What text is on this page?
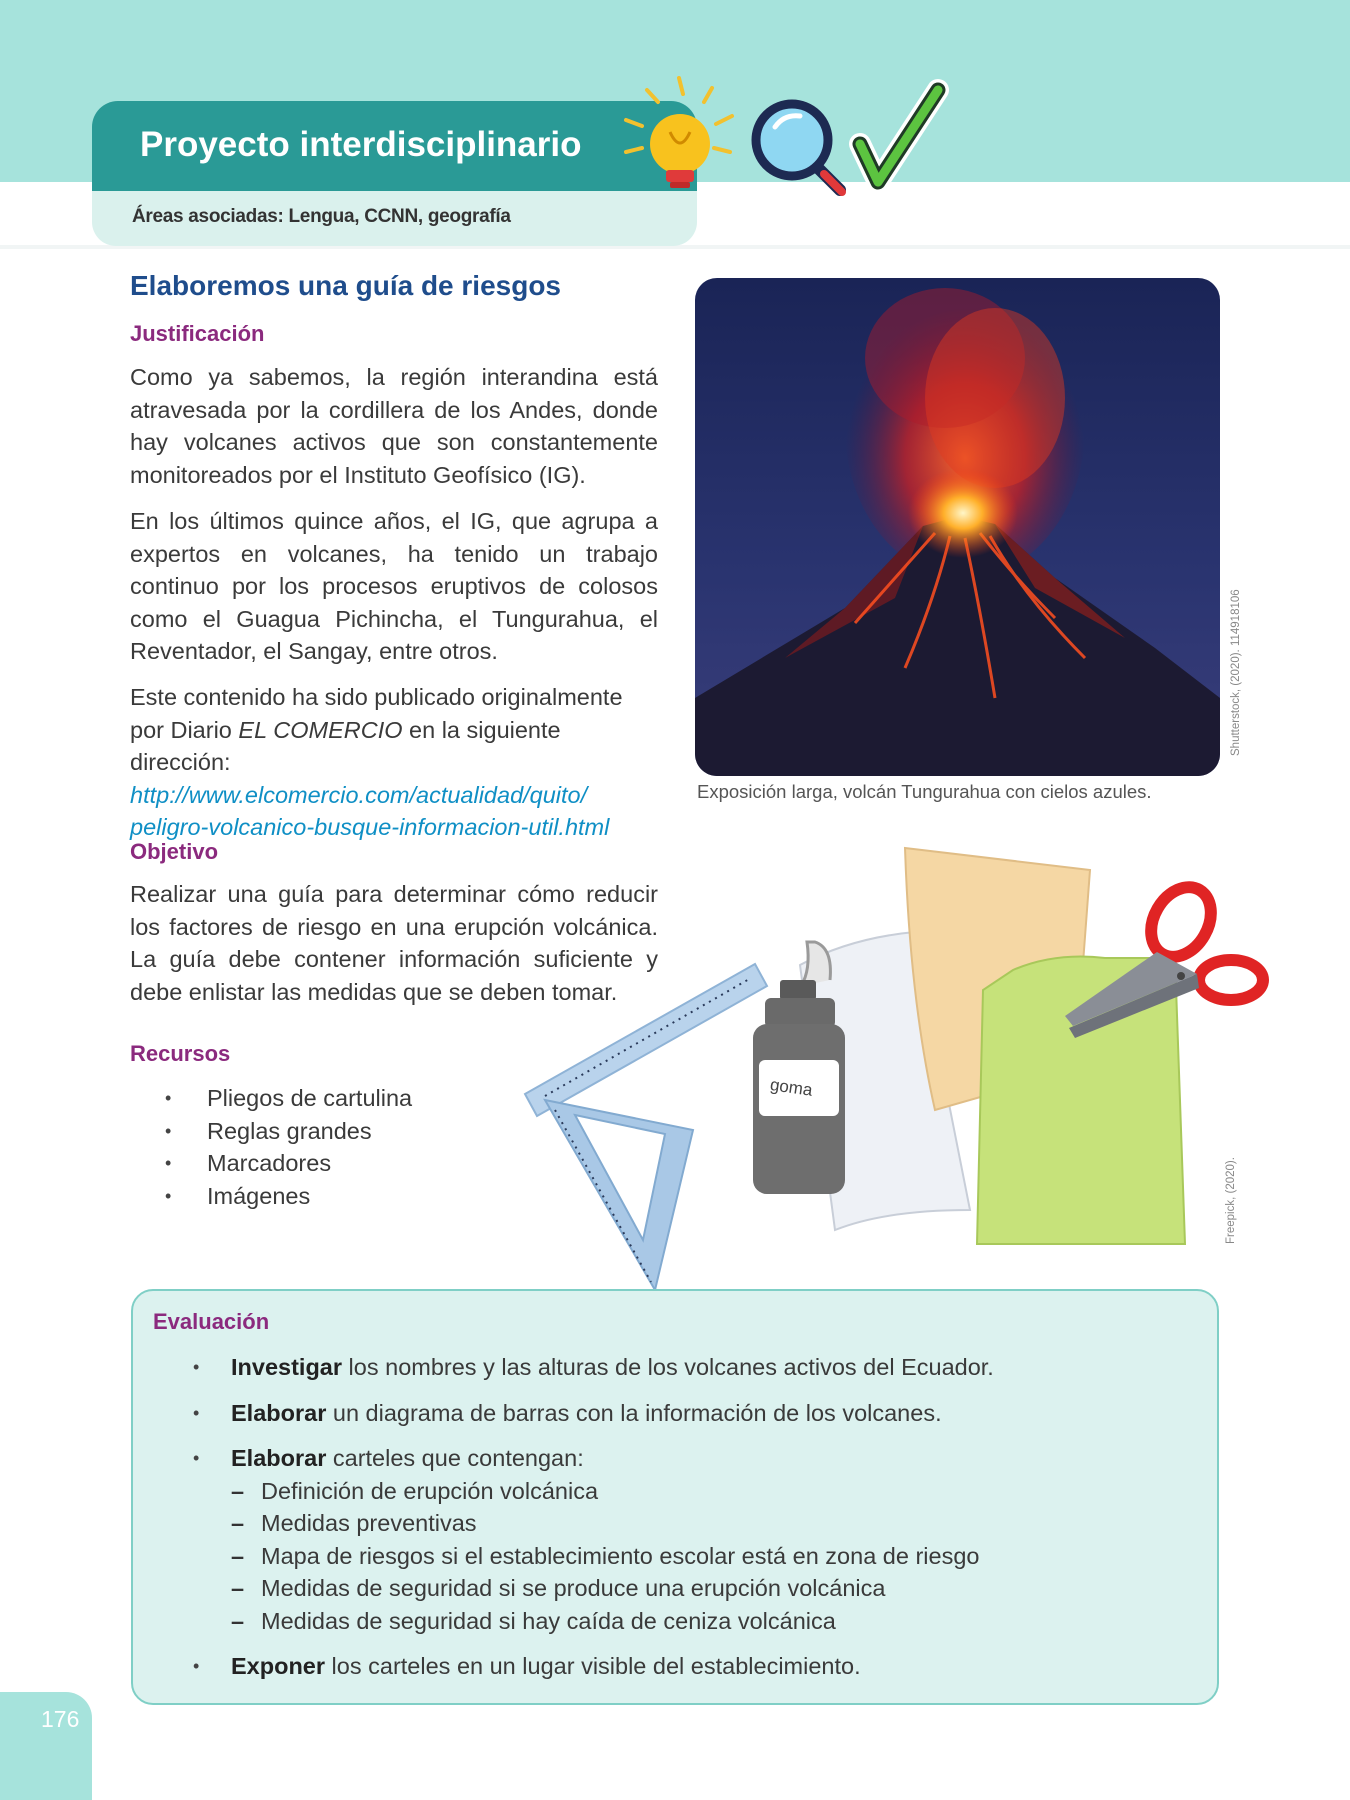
Proyecto interdisciplinario
Áreas asociadas: Lengua, CCNN, geografía
Elaboremos una guía de riesgos
Justificación
Como ya sabemos, la región interandina está atravesada por la cordillera de los Andes, donde hay volcanes activos que son constantemente monitoreados por el Instituto Geofísico (IG).
En los últimos quince años, el IG, que agrupa a expertos en volcanes, ha tenido un trabajo continuo por los procesos eruptivos de colosos como el Guagua Pichincha, el Tungurahua, el Reventador, el Sangay, entre otros.
Este contenido ha sido publicado originalmente por Diario EL COMERCIO en la siguiente dirección:
http://www.elcomercio.com/actualidad/quito/
peligro-volcanico-busque-informacion-util.html
Objetivo
Realizar una guía para determinar cómo reducir los factores de riesgo en una erupción volcánica. La guía debe contener información suficiente y debe enlistar las medidas que se deben tomar.
Recursos
• Pliegos de cartulina
• Reglas grandes
• Marcadores
• Imágenes
Exposición larga, volcán Tungurahua con cielos azules.
Shutterstock, (2020). 114918106
goma
Freepick, (2020).
Evaluación
• Investigar los nombres y las alturas de los volcanes activos del Ecuador.
• Elaborar un diagrama de barras con la información de los volcanes.
• Elaborar carteles que contengan:
– Definición de erupción volcánica
– Medidas preventivas
– Mapa de riesgos si el establecimiento escolar está en zona de riesgo
– Medidas de seguridad si se produce una erupción volcánica
– Medidas de seguridad si hay caída de ceniza volcánica
• Exponer los carteles en un lugar visible del establecimiento.
176
